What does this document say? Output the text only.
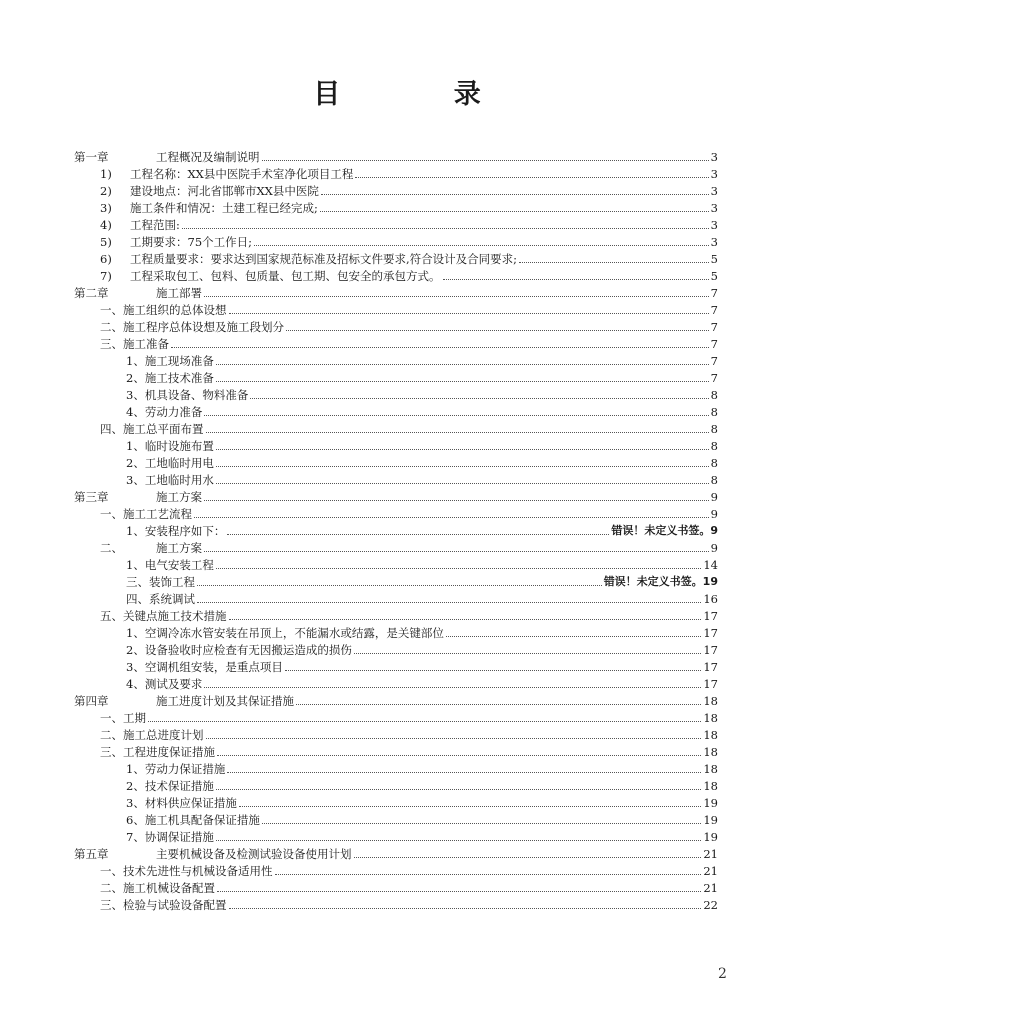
目 录
第一章	工程概况及编制说明	3
1)	工程名称：XX县中医院手术室净化项目工程	3
2)	建设地点：河北省邯郸市XX县中医院	3
3)	施工条件和情况：土建工程已经完成;	3
4)	工程范围:	3
5)	工期要求：75个工作日;	3
6)	工程质量要求：要求达到国家规范标准及招标文件要求,符合设计及合同要求;	5
7)	工程采取包工、包料、包质量、包工期、包安全的承包方式。	5
第二章	施工部署	7
一、施工组织的总体设想	7
二、施工程序总体设想及施工段划分	7
三、施工准备	7
1、施工现场准备	7
2、施工技术准备	7
3、机具设备、物料准备	8
4、劳动力准备	8
四、施工总平面布置	8
1、临时设施布置	8
2、工地临时用电	8
3、工地临时用水	8
第三章	施工方案	9
一、施工工艺流程	9
1、安装程序如下：	错误！未定义书签。9
二、	施工方案	9
1、电气安装工程	14
三、装饰工程	错误！未定义书签。19
四、系统调试	16
五、关键点施工技术措施	17
1、空调冷冻水管安装在吊顶上，不能漏水或结露，是关键部位	17
2、设备验收时应检查有无因搬运造成的损伤	17
3、空调机组安装，是重点项目	17
4、测试及要求	17
第四章	施工进度计划及其保证措施	18
一、工期	18
二、施工总进度计划	18
三、工程进度保证措施	18
1、劳动力保证措施	18
2、技术保证措施	18
3、材料供应保证措施	19
6、施工机具配备保证措施	19
7、协调保证措施	19
第五章	主要机械设备及检测试验设备使用计划	21
一、技术先进性与机械设备适用性	21
二、施工机械设备配置	21
三、检验与试验设备配置	22
2
